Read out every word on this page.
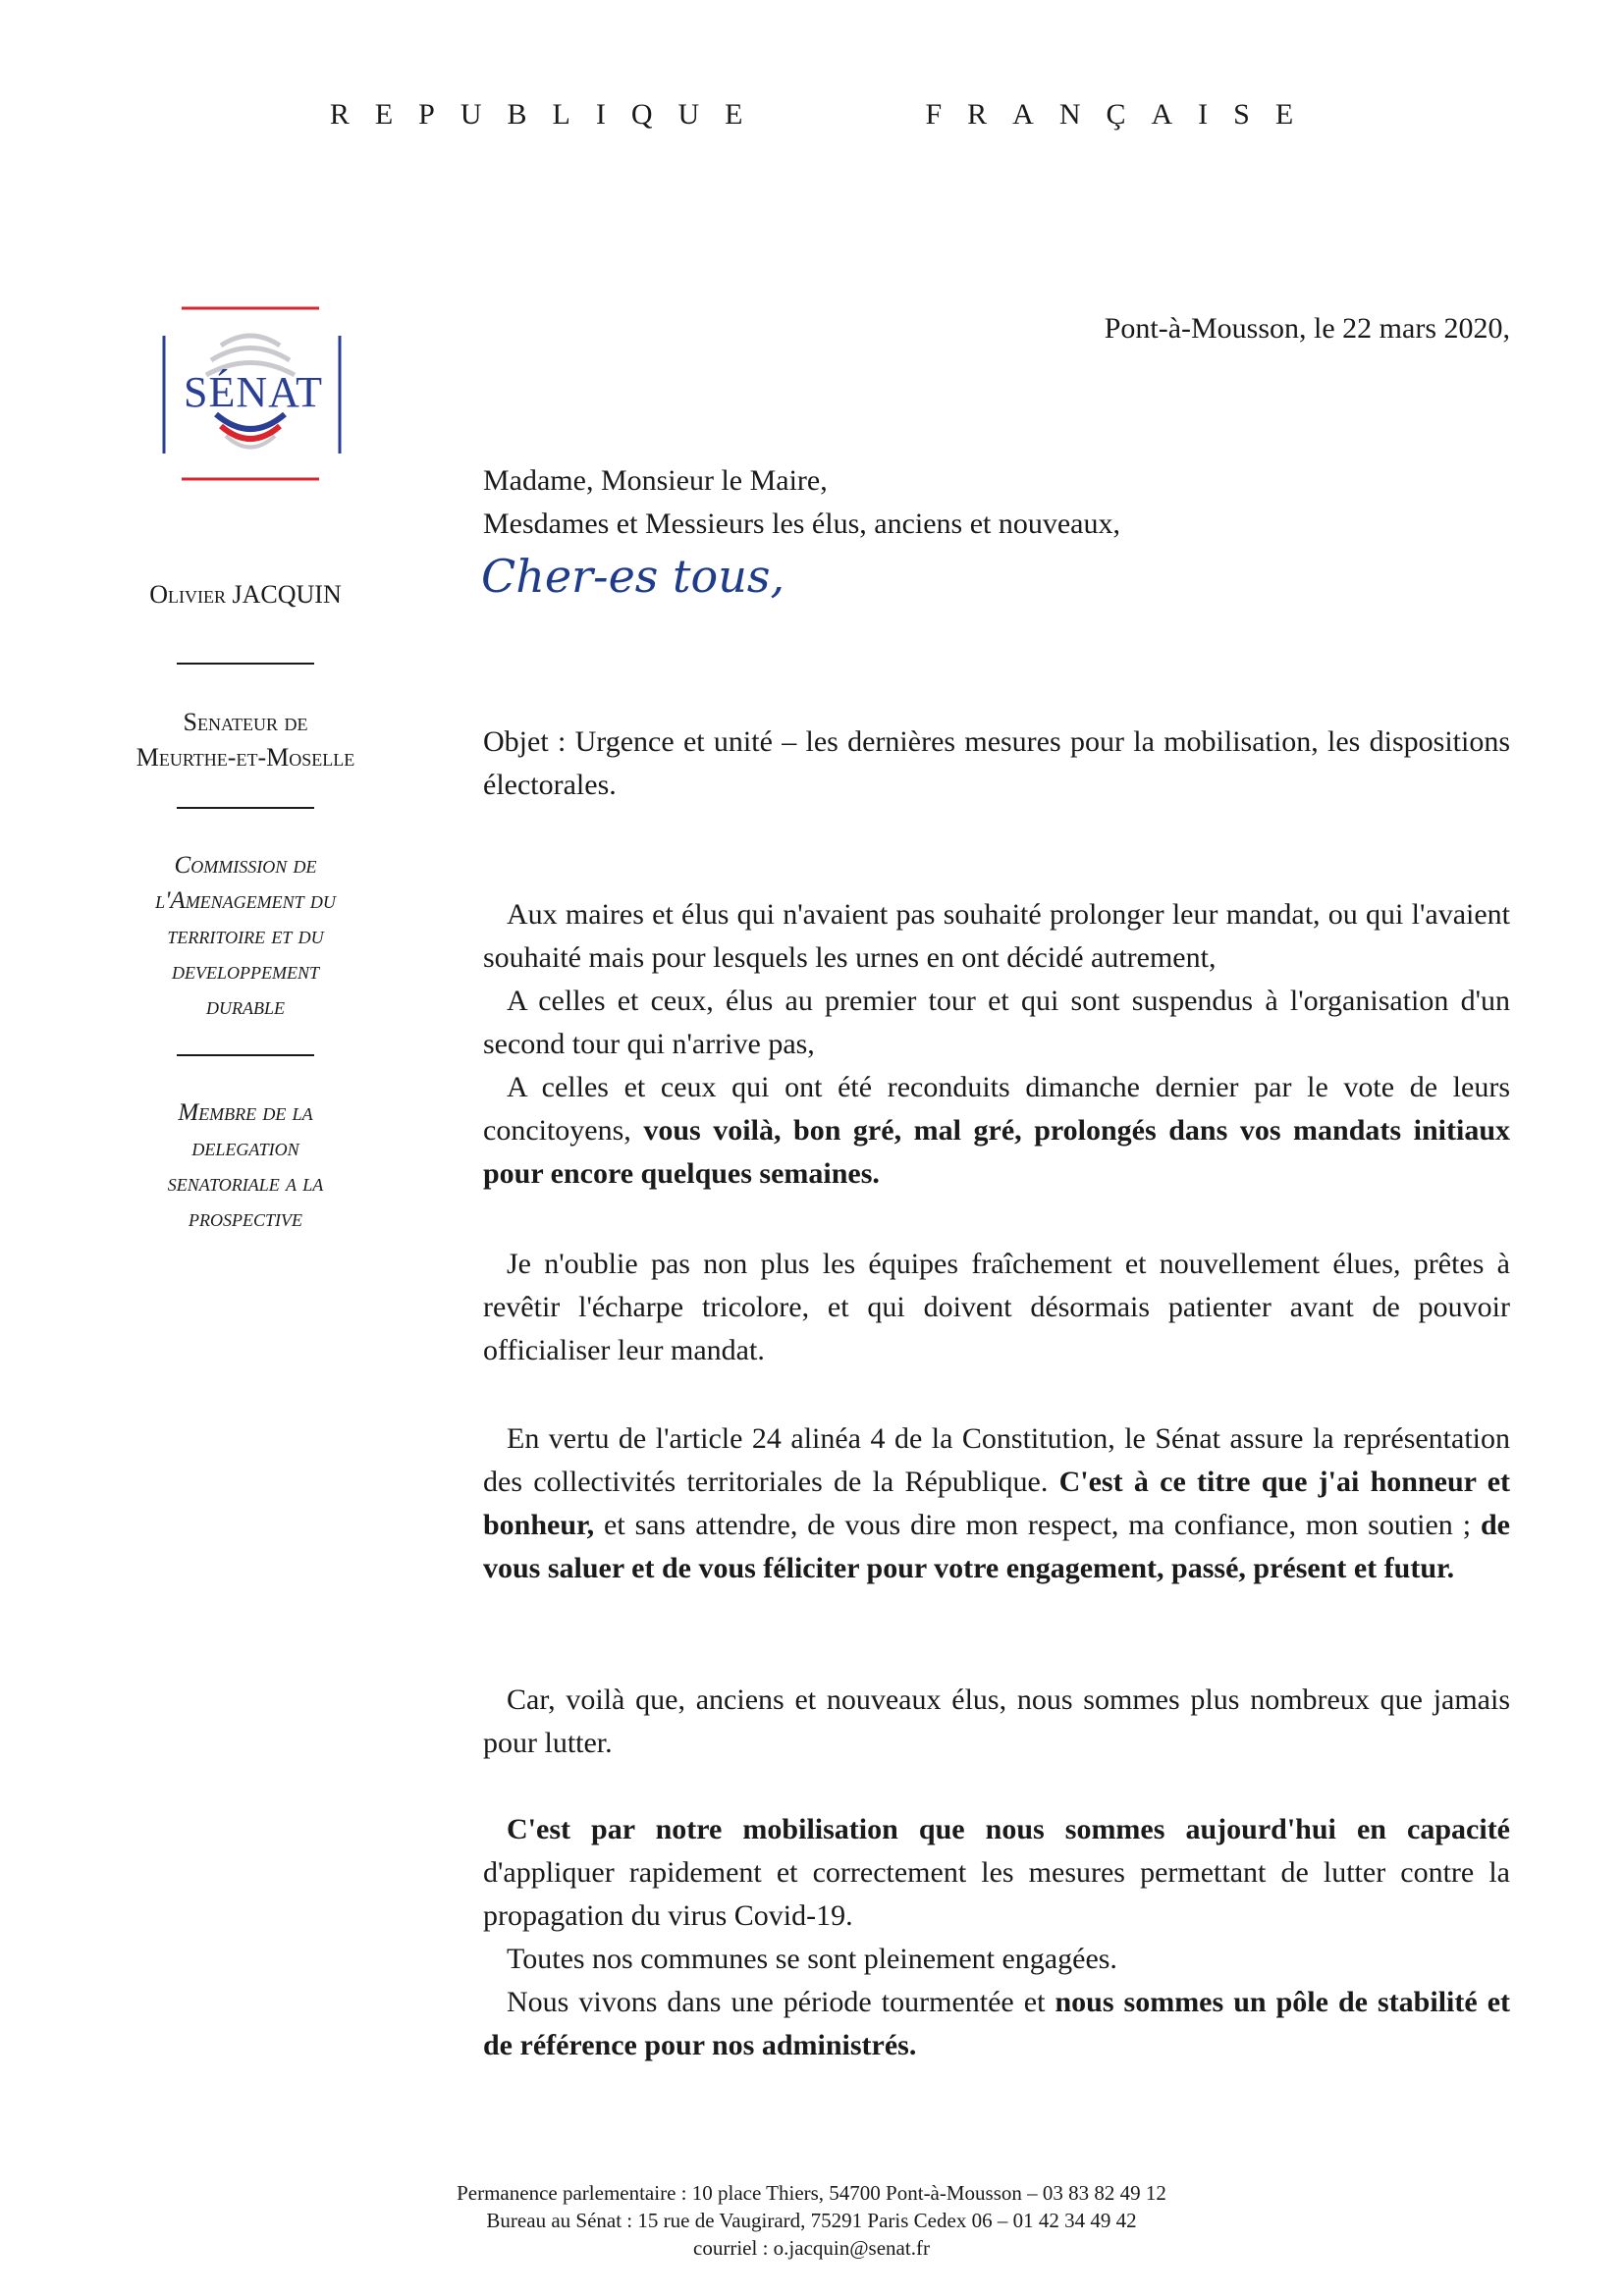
REPUBLIQUE	FRANÇAISE
SÉNAT
Olivier JACQUIN
Senateur de
Meurthe-et-Moselle
Commission de
l'Amenagement du
territoire et du
developpement
durable
Membre de la
delegation
senatoriale a la
prospective
Pont-à-Mousson, le 22 mars 2020,
Madame, Monsieur le Maire,
Mesdames et Messieurs les élus, anciens et nouveaux,
Cher-es tous,
Objet : Urgence et unité – les dernières mesures pour la mobilisation, les dispositions électorales.

Aux maires et élus qui n'avaient pas souhaité prolonger leur mandat, ou qui l'avaient souhaité mais pour lesquels les urnes en ont décidé autrement,

A celles et ceux, élus au premier tour et qui sont suspendus à l'organisation d'un second tour qui n'arrive pas,

A celles et ceux qui ont été reconduits dimanche dernier par le vote de leurs concitoyens, vous voilà, bon gré, mal gré, prolongés dans vos mandats initiaux pour encore quelques semaines.

Je n'oublie pas non plus les équipes fraîchement et nouvellement élues, prêtes à revêtir l'écharpe tricolore, et qui doivent désormais patienter avant de pouvoir officialiser leur mandat.

En vertu de l'article 24 alinéa 4 de la Constitution, le Sénat assure la représentation des collectivités territoriales de la République. C'est à ce titre que j'ai honneur et bonheur, et sans attendre, de vous dire mon respect, ma confiance, mon soutien ; de vous saluer et de vous féliciter pour votre engagement, passé, présent et futur.

Car, voilà que, anciens et nouveaux élus, nous sommes plus nombreux que jamais pour lutter.

C'est par notre mobilisation que nous sommes aujourd'hui en capacité d'appliquer rapidement et correctement les mesures permettant de lutter contre la propagation du virus Covid-19.

Toutes nos communes se sont pleinement engagées.

Nous vivons dans une période tourmentée et nous sommes un pôle de stabilité et de référence pour nos administrés.

Permanence parlementaire : 10 place Thiers, 54700 Pont-à-Mousson – 03 83 82 49 12
Bureau au Sénat : 15 rue de Vaugirard, 75291 Paris Cedex 06 – 01 42 34 49 42
courriel : o.jacquin@senat.fr
